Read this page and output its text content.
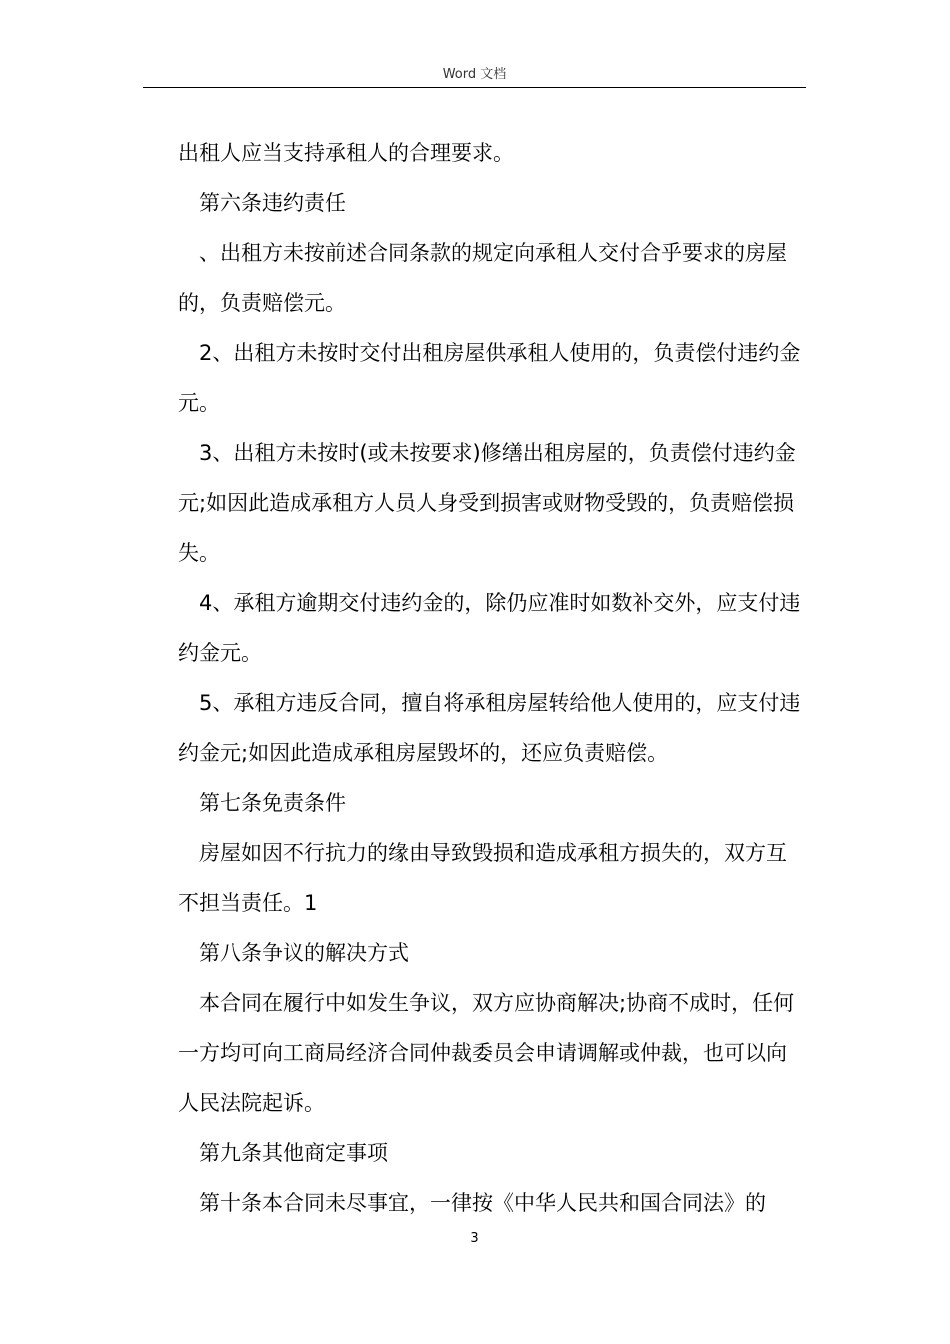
Word 文档

出租人应当支持承租人的合理要求。

第六条违约责任

、出租方未按前述合同条款的规定向承租人交付合乎要求的房屋的，负责赔偿元。

2、出租方未按时交付出租房屋供承租人使用的，负责偿付违约金元。

3、出租方未按时(或未按要求)修缮出租房屋的，负责偿付违约金元;如因此造成承租方人员人身受到损害或财物受毁的，负责赔偿损失。

4、承租方逾期交付违约金的，除仍应准时如数补交外，应支付违约金元。

5、承租方违反合同，擅自将承租房屋转给他人使用的，应支付违约金元;如因此造成承租房屋毁坏的，还应负责赔偿。

第七条免责条件

房屋如因不行抗力的缘由导致毁损和造成承租方损失的，双方互不担当责任。1

第八条争议的解决方式

本合同在履行中如发生争议，双方应协商解决;协商不成时，任何一方均可向工商局经济合同仲裁委员会申请调解或仲裁，也可以向人民法院起诉。

第九条其他商定事项

第十条本合同未尽事宜，一律按《中华人民共和国合同法》的

3
